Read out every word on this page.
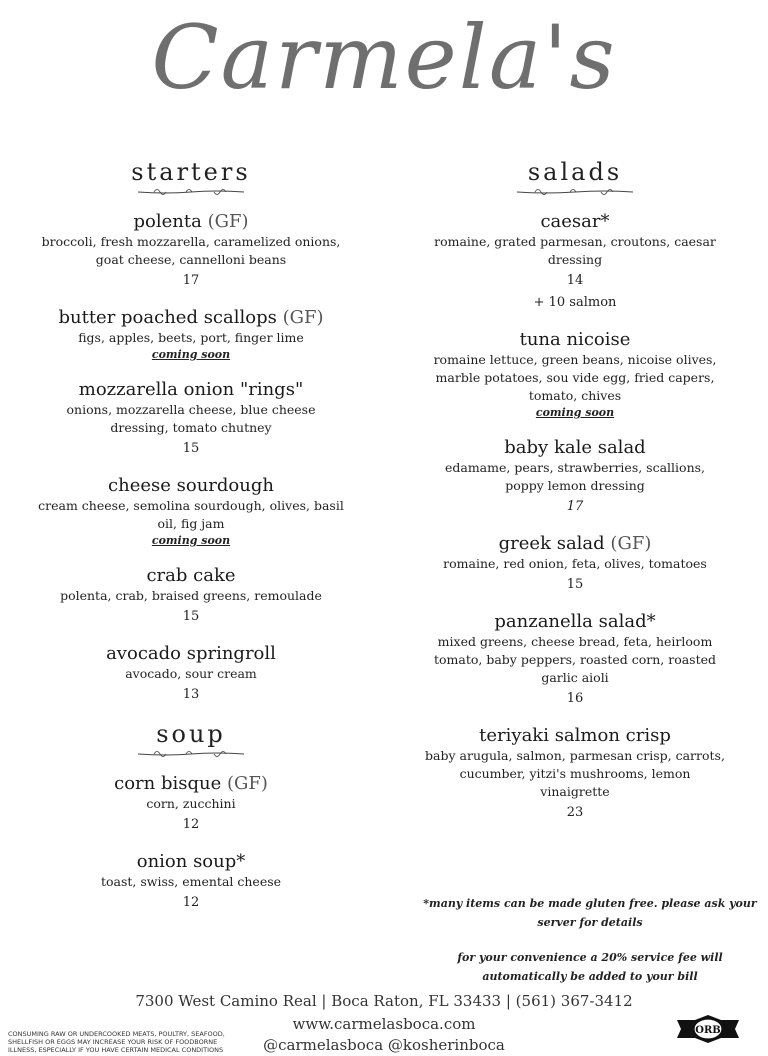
Carmela's
starters
polenta (GF)
broccoli, fresh mozzarella, caramelized onions, goat cheese, cannelloni beans
17
butter poached scallops (GF)
figs, apples, beets, port, finger lime
coming soon
mozzarella onion "rings"
onions, mozzarella cheese, blue cheese dressing, tomato chutney
15
cheese sourdough
cream cheese, semolina sourdough, olives, basil oil, fig jam
coming soon
crab cake
polenta, crab, braised greens, remoulade
15
avocado springroll
avocado, sour cream
13
soup
corn bisque (GF)
corn, zucchini
12
onion soup*
toast, swiss, emental cheese
12
salads
caesar*
romaine, grated parmesan, croutons, caesar dressing
14
+ 10 salmon
tuna nicoise
romaine lettuce, green beans, nicoise olives, marble potatoes, sou vide egg, fried capers, tomato, chives
coming soon
baby kale salad
edamame, pears, strawberries, scallions, poppy lemon dressing
17
greek salad (GF)
romaine, red onion, feta, olives, tomatoes
15
panzanella salad*
mixed greens, cheese bread, feta, heirloom tomato, baby peppers, roasted corn, roasted garlic aioli
16
teriyaki salmon crisp
baby arugula, salmon, parmesan crisp, carrots, cucumber, yitzi's mushrooms, lemon vinaigrette
23
*many items can be made gluten free. please ask your server for details
for your convenience a 20% service fee will automatically be added to your bill
7300 West Camino Real | Boca Raton, FL 33433 | (561) 367-3412
www.carmelasboca.com
@carmelasboca @kosherinboca
CONSUMING RAW OR UNDERCOOKED MEATS, POULTRY, SEAFOOD, SHELLFISH OR EGGS MAY INCREASE YOUR RISK OF FOODBORNE ILLNESS, ESPECIALLY IF YOU HAVE CERTAIN MEDICAL CONDITIONS
ORB
